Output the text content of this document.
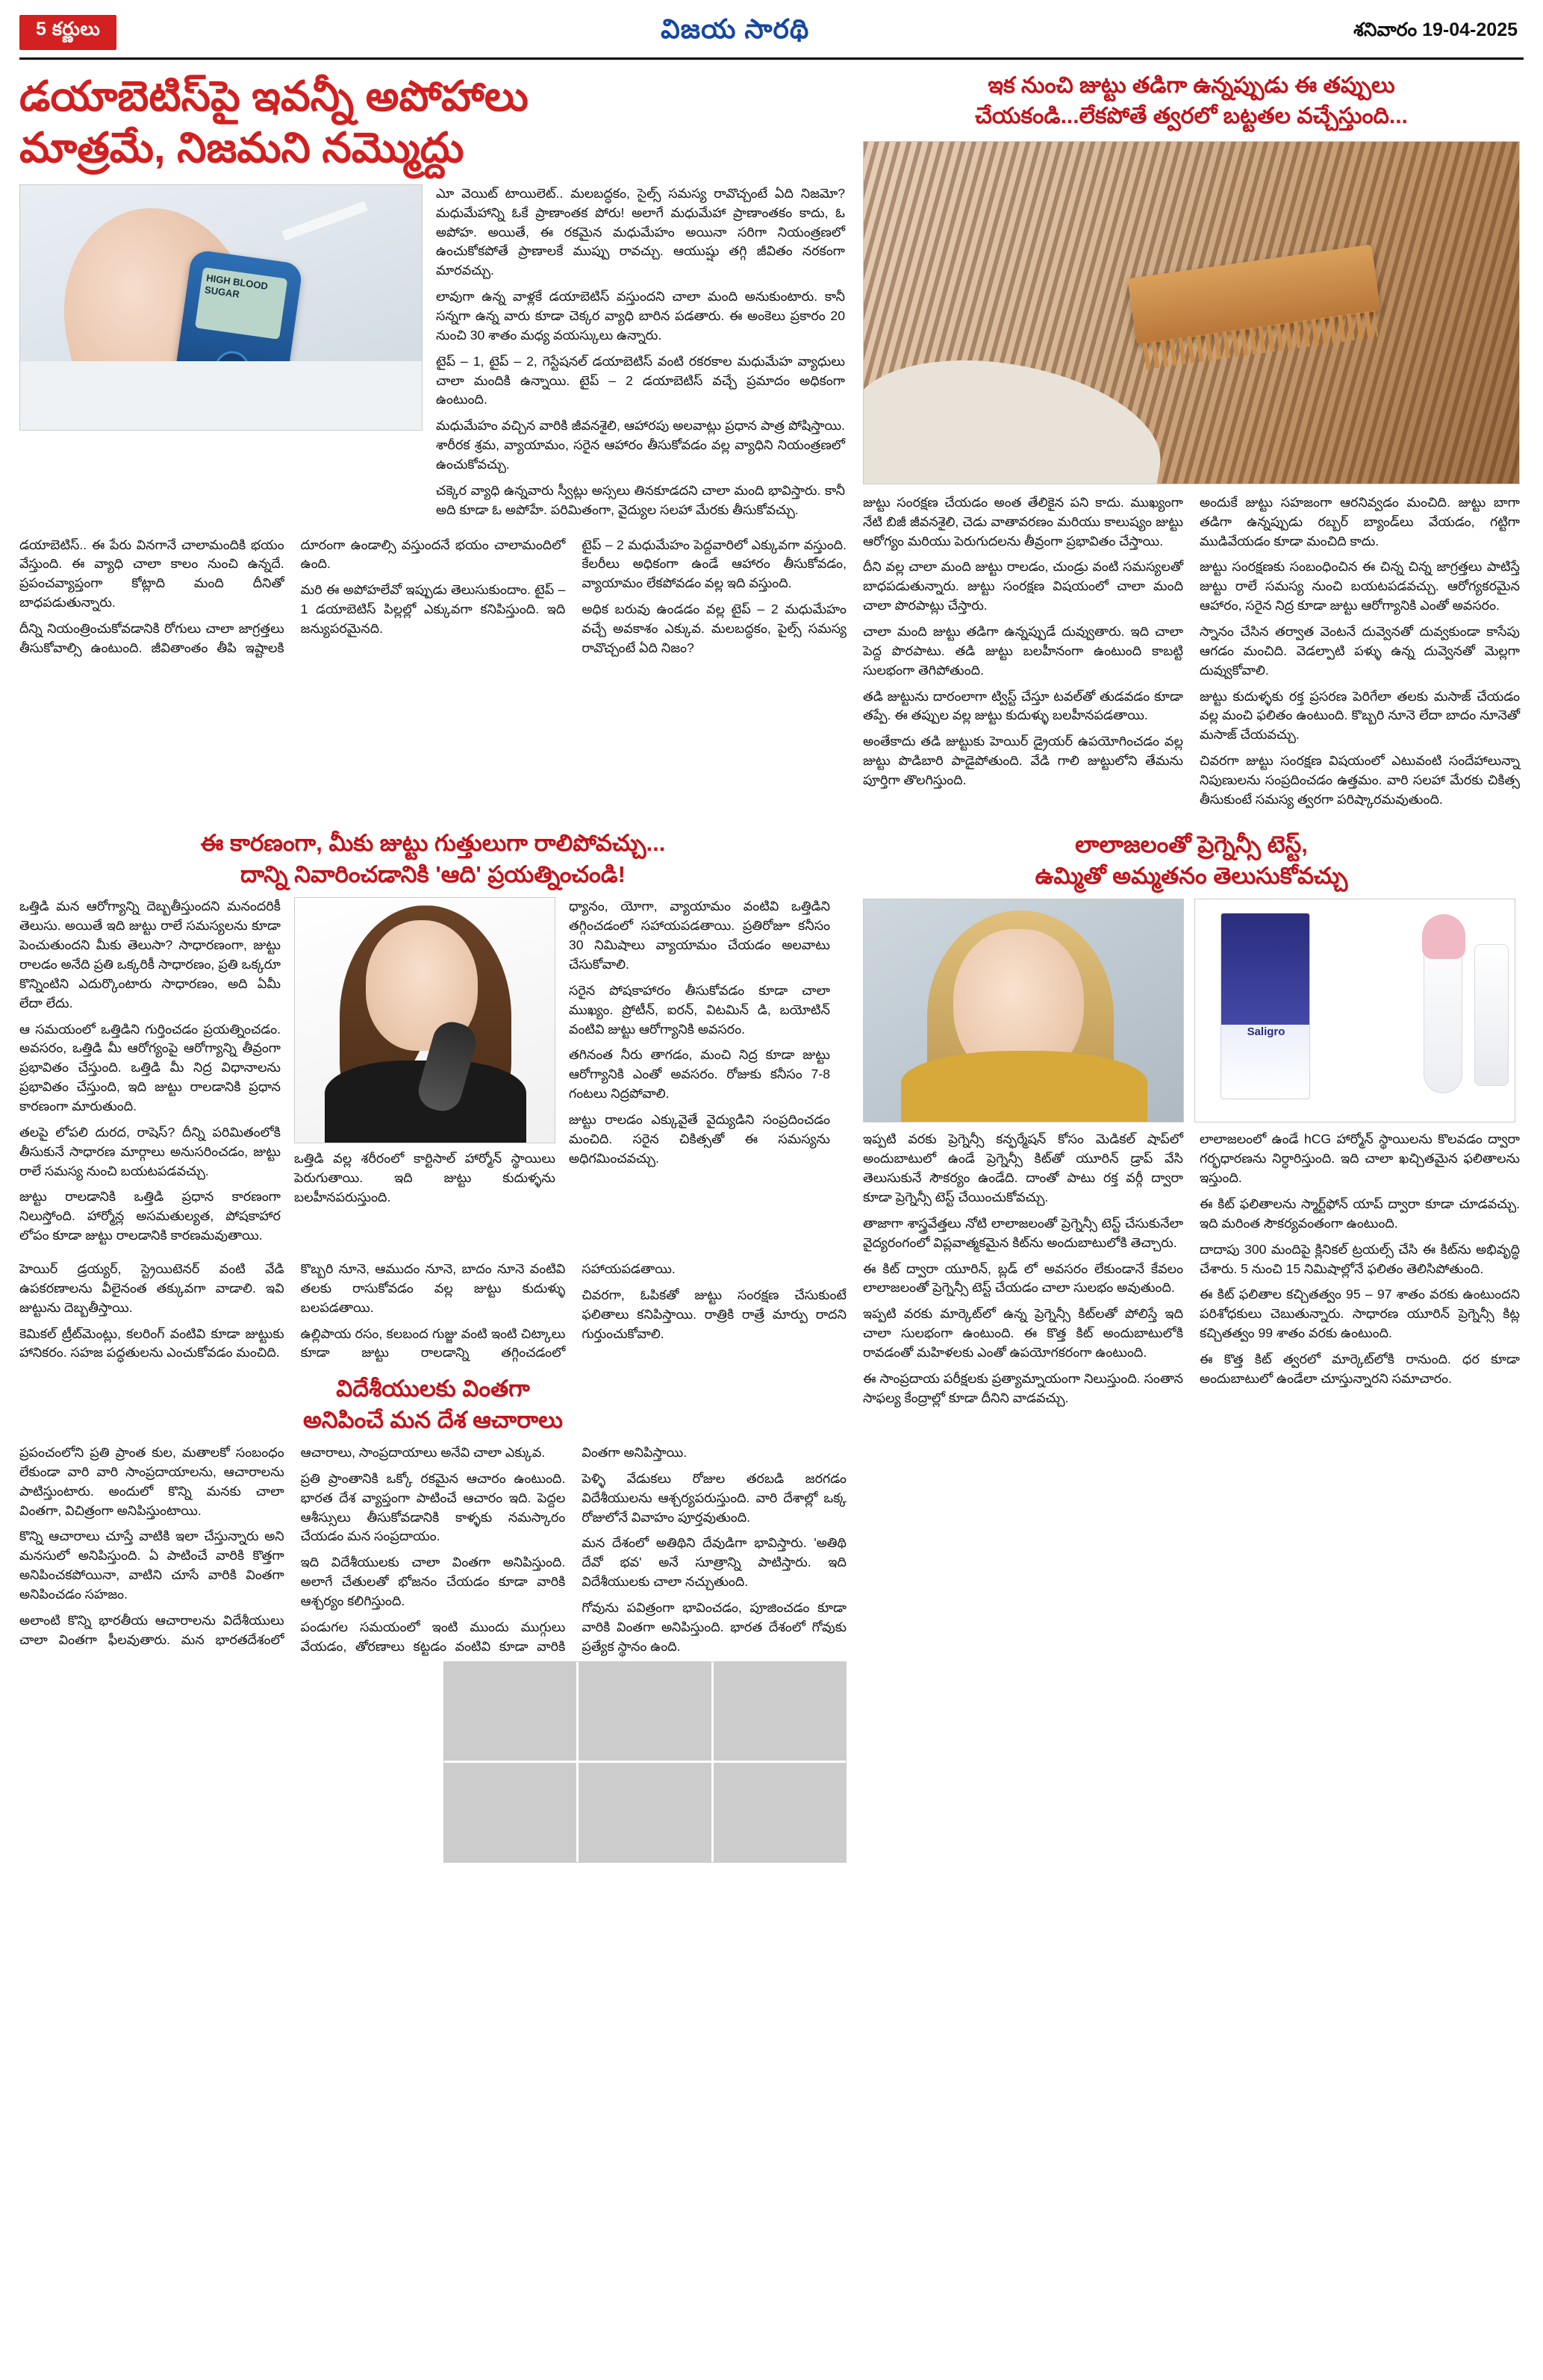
5 కర్ణులు	విజయ సారథి	శనివారం 19-04-2025
డయాబెటిస్‌పై ఇవన్నీ అపోహాలు
మాత్రమే, నిజమని నమ్మొద్దు
HIGH BLOOD SUGAR

ఎూ వెయిట్‌ టాయిలెట్‌.. మలబద్ధకం, సైల్స్‌ సమస్య రావొచ్చంటే ఏది నిజమో? మధుమేహాన్ని ఓకే ప్రాణాంతక పోరు! అలాగే మధుమేహా ప్రాణాంతకం కాదు, ఓ అపోహ. అయితే, ఈ రకమైన మధుమేహం అయినా సరిగా నియంత్రణలో ఉంచుకోకపోతే ప్రాణాలకే ముప్పు రావచ్చు. ఆయుష్షు తగ్గి జీవితం నరకంగా మారవచ్చు.

లావుగా ఉన్న వాళ్లకే డయాబెటిస్‌ వస్తుందని చాలా మంది అనుకుంటారు. కానీ సన్నగా ఉన్న వారు కూడా చెక్కర వ్యాధి బారిన పడతారు. ఈ అంకెలు ప్రకారం 20 నుంచి 30 శాతం మధ్య వయస్కులు ఉన్నారు.

టైప్‌ – 1, టైప్‌ – 2, గెస్టేషనల్‌ డయాబెటిస్‌ వంటి రకరకాల మధుమేహ వ్యాధులు చాలా మందికి ఉన్నాయి. టైప్‌ – 2 డయాబెటిస్‌ వచ్చే ప్రమాదం అధికంగా ఉంటుంది.

మధుమేహం వచ్చిన వారికి జీవనశైలి, ఆహారపు అలవాట్లు ప్రధాన పాత్ర పోషిస్తాయి. శారీరక శ్రమ, వ్యాయామం, సరైన ఆహారం తీసుకోవడం వల్ల వ్యాధిని నియంత్రణలో ఉంచుకోవచ్చు.

చక్కెర వ్యాధి ఉన్నవారు స్వీట్లు అస్సలు తినకూడదని చాలా మంది భావిస్తారు. కానీ అది కూడా ఓ అపోహే. పరిమితంగా, వైద్యుల సలహా మేరకు తీసుకోవచ్చు.

డయాబెటిస్‌.. ఈ పేరు వినగానే చాలామందికి భయం వేస్తుంది. ఈ వ్యాధి చాలా కాలం నుంచి ఉన్నదే. ప్రపంచవ్యాప్తంగా కోట్లాది మంది దీనితో బాధపడుతున్నారు.

దీన్ని నియంత్రించుకోవడానికి రోగులు చాలా జాగ్రత్తలు తీసుకోవాల్సి ఉంటుంది. జీవితాంతం తీపి ఇష్టాలకి దూరంగా ఉండాల్సి వస్తుందనే భయం చాలామందిలో ఉంది.

మరి ఈ అపోహలేవో ఇప్పుడు తెలుసుకుందాం. టైప్‌ – 1 డయాబెటిస్‌ పిల్లల్లో ఎక్కువగా కనిపిస్తుంది. ఇది జన్యుపరమైనది.

టైప్‌ – 2 మధుమేహం పెద్దవారిలో ఎక్కువగా వస్తుంది. కేలరీలు అధికంగా ఉండే ఆహారం తీసుకోవడం, వ్యాయామం లేకపోవడం వల్ల ఇది వస్తుంది.

అధిక బరువు ఉండడం వల్ల టైప్‌ – 2 మధుమేహం వచ్చే అవకాశం ఎక్కువ. మలబద్ధకం, పైల్స్‌ సమస్య రావొచ్చంటే ఏది నిజం?

ఇక నుంచి జుట్టు తడిగా ఉన్నప్పుడు ఈ తప్పులు
చేయకండి...లేకపోతే త్వరలో బట్టతల వచ్చేస్తుంది...

జుట్టు సంరక్షణ చేయడం అంత తేలికైన పని కాదు. ముఖ్యంగా నేటి బిజీ జీవనశైలి, చెడు వాతావరణం మరియు కాలుష్యం జుట్టు ఆరోగ్యం మరియు పెరుగుదలను తీవ్రంగా ప్రభావితం చేస్తాయి.

దీని వల్ల చాలా మంది జుట్టు రాలడం, చుండ్రు వంటి సమస్యలతో బాధపడుతున్నారు. జుట్టు సంరక్షణ విషయంలో చాలా మంది చాలా పొరపాట్లు చేస్తారు.

చాలా మంది జుట్టు తడిగా ఉన్నప్పుడే దువ్వుతారు. ఇది చాలా పెద్ద పొరపాటు. తడి జుట్టు బలహీనంగా ఉంటుంది కాబట్టి సులభంగా తెగిపోతుంది.

తడి జుట్టును దారంలాగా ట్విస్ట్‌ చేస్తూ టవల్‌తో తుడవడం కూడా తప్పే. ఈ తప్పుల వల్ల జుట్టు కుదుళ్ళు బలహీనపడతాయి.

అంతేకాదు తడి జుట్టుకు హెయిర్‌ డ్రైయర్‌ ఉపయోగించడం వల్ల జుట్టు పొడిబారి పాడైపోతుంది. వేడి గాలి జుట్టులోని తేమను పూర్తిగా తొలగిస్తుంది.

అందుకే జుట్టు సహజంగా ఆరనివ్వడం మంచిది. జుట్టు బాగా తడిగా ఉన్నప్పుడు రబ్బర్‌ బ్యాండ్‌లు వేయడం, గట్టిగా ముడివేయడం కూడా మంచిది కాదు.

జుట్టు సంరక్షణకు సంబంధించిన ఈ చిన్న చిన్న జాగ్రత్తలు పాటిస్తే జుట్టు రాలే సమస్య నుంచి బయటపడవచ్చు. ఆరోగ్యకరమైన ఆహారం, సరైన నిద్ర కూడా జుట్టు ఆరోగ్యానికి ఎంతో అవసరం.

స్నానం చేసిన తర్వాత వెంటనే దువ్వెనతో దువ్వకుండా కాసేపు ఆగడం మంచిది. వెడల్పాటి పళ్ళు ఉన్న దువ్వెనతో మెల్లగా దువ్వుకోవాలి.

జుట్టు కుదుళ్ళకు రక్త ప్రసరణ పెరిగేలా తలకు మసాజ్‌ చేయడం వల్ల మంచి ఫలితం ఉంటుంది. కొబ్బరి నూనె లేదా బాదం నూనెతో మసాజ్‌ చేయవచ్చు.

చివరగా జుట్టు సంరక్షణ విషయంలో ఎటువంటి సందేహాలున్నా నిపుణులను సంప్రదించడం ఉత్తమం. వారి సలహా మేరకు చికిత్స తీసుకుంటే సమస్య త్వరగా పరిష్కారమవుతుంది.

ఈ కారణంగా, మీకు జుట్టు గుత్తులుగా రాలిపోవచ్చు...
దాన్ని నివారించడానికి 'ఆది' ప్రయత్నించండి!

ఒత్తిడి మన ఆరోగ్యాన్ని దెబ్బతీస్తుందని మనందరికీ తెలుసు. అయితే ఇది జుట్టు రాలే సమస్యలను కూడా పెంచుతుందని మీకు తెలుసా? సాధారణంగా, జుట్టు రాలడం అనేది ప్రతి ఒక్కరికీ సాధారణం, ప్రతి ఒక్కరూ కొన్నింటిని ఎదుర్కొంటారు సాధారణం, అది ఏమీ లేదా లేదు.

ఆ సమయంలో ఒత్తిడిని గుర్తించడం ప్రయత్నించడం. అవసరం, ఒత్తిడి మీ ఆరోగ్యంపై ఆరోగ్యాన్ని తీవ్రంగా ప్రభావితం చేస్తుంది. ఒత్తిడి మీ నిద్ర విధానాలను ప్రభావితం చేస్తుంది, ఇది జుట్టు రాలడానికి ప్రధాన కారణంగా మారుతుంది.

తలపై లోపలి దురద, రాషెస్‌? దీన్ని పరిమితంలోకి తీసుకునే సాధారణ మార్గాలు అనుసరించడం, జుట్టు రాలే సమస్య నుంచి బయటపడవచ్చు.

జుట్టు రాలడానికి ఒత్తిడి ప్రధాన కారణంగా నిలుస్తోంది. హార్మోన్ల అసమతుల్యత, పోషకాహార లోపం కూడా జుట్టు రాలడానికి కారణమవుతాయి.

ఒత్తిడి వల్ల శరీరంలో కార్టిసాల్‌ హార్మోన్‌ స్థాయిలు పెరుగుతాయి. ఇది జుట్టు కుదుళ్ళను బలహీనపరుస్తుంది.

ధ్యానం, యోగా, వ్యాయామం వంటివి ఒత్తిడిని తగ్గించడంలో సహాయపడతాయి. ప్రతిరోజూ కనీసం 30 నిమిషాలు వ్యాయామం చేయడం అలవాటు చేసుకోవాలి.

సరైన పోషకాహారం తీసుకోవడం కూడా చాలా ముఖ్యం. ప్రోటీన్‌, ఐరన్‌, విటమిన్‌ డి, బయోటిన్‌ వంటివి జుట్టు ఆరోగ్యానికి అవసరం.

తగినంత నీరు తాగడం, మంచి నిద్ర కూడా జుట్టు ఆరోగ్యానికి ఎంతో అవసరం. రోజుకు కనీసం 7-8 గంటలు నిద్రపోవాలి.

జుట్టు రాలడం ఎక్కువైతే వైద్యుడిని సంప్రదించడం మంచిది. సరైన చికిత్సతో ఈ సమస్యను అధిగమించవచ్చు.

హెయిర్‌ డ్రయ్యర్‌, స్ట్రెయిటెనర్‌ వంటి వేడి ఉపకరణాలను వీలైనంత తక్కువగా వాడాలి. ఇవి జుట్టును దెబ్బతీస్తాయి.

కెమికల్‌ ట్రీట్‌మెంట్లు, కలరింగ్‌ వంటివి కూడా జుట్టుకు హానికరం. సహజ పద్ధతులను ఎంచుకోవడం మంచిది.

కొబ్బరి నూనె, ఆముదం నూనె, బాదం నూనె వంటివి తలకు రాసుకోవడం వల్ల జుట్టు కుదుళ్ళు బలపడతాయి.

ఉల్లిపాయ రసం, కలబంద గుజ్జు వంటి ఇంటి చిట్కాలు కూడా జుట్టు రాలడాన్ని తగ్గించడంలో సహాయపడతాయి.

చివరగా, ఓపికతో జుట్టు సంరక్షణ చేసుకుంటే ఫలితాలు కనిపిస్తాయి. రాత్రికి రాత్రే మార్పు రాదని గుర్తుంచుకోవాలి.

విదేశీయులకు వింతగా
అనిపించే మన దేశ ఆచారాలు

ప్రపంచంలోని ప్రతి ప్రాంత కుల, మతాలకో సంబంధం లేకుండా వారి వారి సాంప్రదాయాలను, ఆచారాలను పాటిస్తుంటారు. అందులో కొన్ని మనకు చాలా వింతగా, విచిత్రంగా అనిపిస్తుంటాయి.

కొన్ని ఆచారాలు చూస్తే వాటికి ఇలా చేస్తున్నారు అని మనసులో అనిపిస్తుంది. ఏ పాటించే వారికి కొత్తగా అనిపించకపోయినా, వాటిని చూసే వారికి వింతగా అనిపించడం సహజం.

అలాంటి కొన్ని భారతీయ ఆచారాలను విదేశీయులు చాలా వింతగా ఫీలవుతారు. మన భారతదేశంలో ఆచారాలు, సాంప్రదాయాలు అనేవి చాలా ఎక్కువ.

ప్రతి ప్రాంతానికి ఒక్కో రకమైన ఆచారం ఉంటుంది. భారత దేశ వ్యాప్తంగా పాటించే ఆచారం ఇది. పెద్దల ఆశీస్సులు తీసుకోవడానికి కాళ్ళకు నమస్కారం చేయడం మన సంప్రదాయం.

ఇది విదేశీయులకు చాలా వింతగా అనిపిస్తుంది. అలాగే చేతులతో భోజనం చేయడం కూడా వారికి ఆశ్చర్యం కలిగిస్తుంది.

పండుగల సమయంలో ఇంటి ముందు ముగ్గులు వేయడం, తోరణాలు కట్టడం వంటివి కూడా వారికి వింతగా అనిపిస్తాయి.

పెళ్ళి వేడుకలు రోజుల తరబడి జరగడం విదేశీయులను ఆశ్చర్యపరుస్తుంది. వారి దేశాల్లో ఒక్క రోజులోనే వివాహం పూర్తవుతుంది.

మన దేశంలో అతిథిని దేవుడిగా భావిస్తారు. 'అతిథి దేవో భవ' అనే సూత్రాన్ని పాటిస్తారు. ఇది విదేశీయులకు చాలా నచ్చుతుంది.

గోవును పవిత్రంగా భావించడం, పూజించడం కూడా వారికి వింతగా అనిపిస్తుంది. భారత దేశంలో గోవుకు ప్రత్యేక స్థానం ఉంది.

లాలాజలంతో ప్రెగ్నెన్సీ టెస్ట్‌,
ఉమ్మితో అమ్మతనం తెలుసుకోవచ్చు
Saligro

ఇప్పటి వరకు ప్రెగ్నెన్సీ కన్ఫర్మేషన్‌ కోసం మెడికల్‌ షాప్‌లో అందుబాటులో ఉండే ప్రెగ్నెన్సీ కిట్‌తో యూరిన్‌ డ్రాప్‌ వేసి తెలుసుకునే సౌకర్యం ఉండేది. దాంతో పాటు రక్త వర్గీ ద్వారా కూడా ప్రెగ్నెన్సీ టెస్ట్‌ చేయించుకోవచ్చు.

తాజాగా శాస్త్రవేత్తలు నోటి లాలాజలంతో ప్రెగ్నెన్సీ టెస్ట్‌ చేసుకునేలా వైద్యరంగంలో విప్లవాత్మకమైన కిట్‌ను అందుబాటులోకి తెచ్చారు.

ఈ కిట్‌ ద్వారా యూరిన్‌, బ్లడ్‌ లో అవసరం లేకుండానే కేవలం లాలాజలంతో ప్రెగ్నెన్సీ టెస్ట్‌ చేయడం చాలా సులభం అవుతుంది.

ఇప్పటి వరకు మార్కెట్‌లో ఉన్న ప్రెగ్నెన్సీ కిట్‌లతో పోలిస్తే ఇది చాలా సులభంగా ఉంటుంది. ఈ కొత్త కిట్‌ అందుబాటులోకి రావడంతో మహిళలకు ఎంతో ఉపయోగకరంగా ఉంటుంది.

ఈ సాంప్రదాయ పరీక్షలకు ప్రత్యామ్నాయంగా నిలుస్తుంది. సంతాన సాఫల్య కేంద్రాల్లో కూడా దీనిని వాడవచ్చు.

లాలాజలంలో ఉండే hCG హార్మోన్‌ స్థాయిలను కొలవడం ద్వారా గర్భధారణను నిర్ధారిస్తుంది. ఇది చాలా ఖచ్చితమైన ఫలితాలను ఇస్తుంది.

ఈ కిట్‌ ఫలితాలను స్మార్ట్‌ఫోన్‌ యాప్‌ ద్వారా కూడా చూడవచ్చు. ఇది మరింత సౌకర్యవంతంగా ఉంటుంది.

దాదాపు 300 మందిపై క్లినికల్‌ ట్రయల్స్‌ చేసి ఈ కిట్‌ను అభివృద్ధి చేశారు. 5 నుంచి 15 నిమిషాల్లోనే ఫలితం తెలిసిపోతుంది.

ఈ కిట్‌ ఫలితాల కచ్చితత్వం 95 – 97 శాతం వరకు ఉంటుందని పరిశోధకులు చెబుతున్నారు. సాధారణ యూరిన్‌ ప్రెగ్నెన్సీ కిట్ల కచ్చితత్వం 99 శాతం వరకు ఉంటుంది.

ఈ కొత్త కిట్‌ త్వరలో మార్కెట్‌లోకి రానుంది. ధర కూడా అందుబాటులో ఉండేలా చూస్తున్నారని సమాచారం.
